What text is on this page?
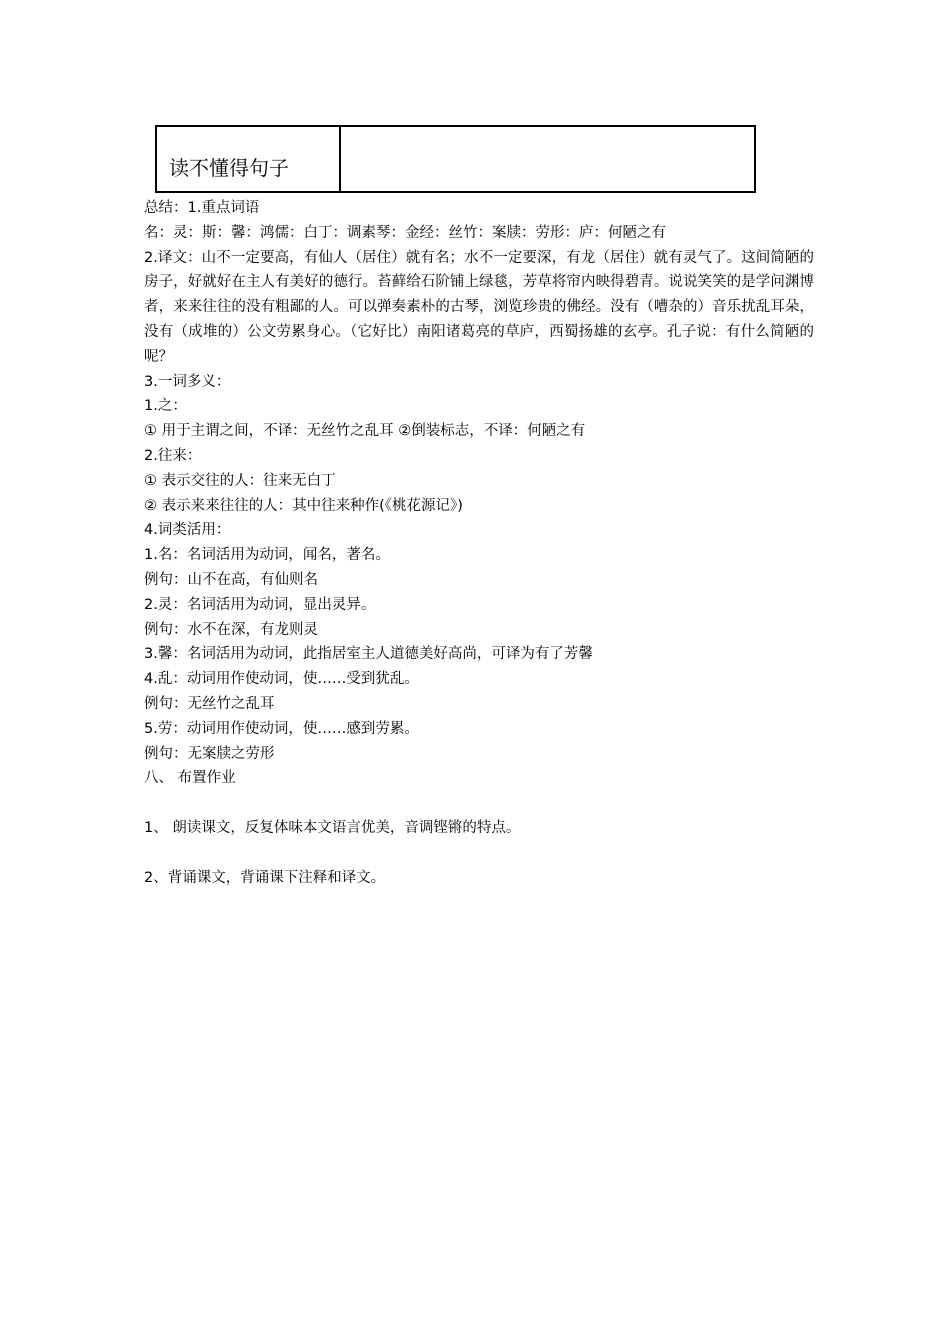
读不懂得句子
总结：1.重点词语
名：灵：斯：馨：鸿儒：白丁：调素琴：金经：丝竹：案牍：劳形：庐：何陋之有
2.译文：山不一定要高，有仙人（居住）就有名；水不一定要深，有龙（居住）就有灵气了。这间简陋的房子，好就好在主人有美好的德行。苔藓给石阶铺上绿毯，芳草将帘内映得碧青。说说笑笑的是学问渊博者，来来往往的没有粗鄙的人。可以弹奏素朴的古琴，浏览珍贵的佛经。没有（嘈杂的）音乐扰乱耳朵，没有（成堆的）公文劳累身心。（它好比）南阳诸葛亮的草庐，西蜀扬雄的玄亭。孔子说：有什么简陋的呢？
3.一词多义：
1.之：
① 用于主谓之间，不译：无丝竹之乱耳 ②倒装标志，不译：何陋之有
2.往来：
① 表示交往的人：往来无白丁
② 表示来来往往的人：其中往来种作(《桃花源记》)
4.词类活用：
1.名：名词活用为动词，闻名，著名。
例句：山不在高，有仙则名
2.灵：名词活用为动词，显出灵异。
例句：水不在深，有龙则灵
3.馨：名词活用为动词，此指居室主人道德美好高尚，可译为有了芳馨
4.乱：动词用作使动词，使……受到犹乱。
例句：无丝竹之乱耳
5.劳：动词用作使动词，使……感到劳累。
例句：无案牍之劳形
八、 布置作业
1、 朗读课文，反复体味本文语言优美，音调铿锵的特点。
2、背诵课文，背诵课下注释和译文。
